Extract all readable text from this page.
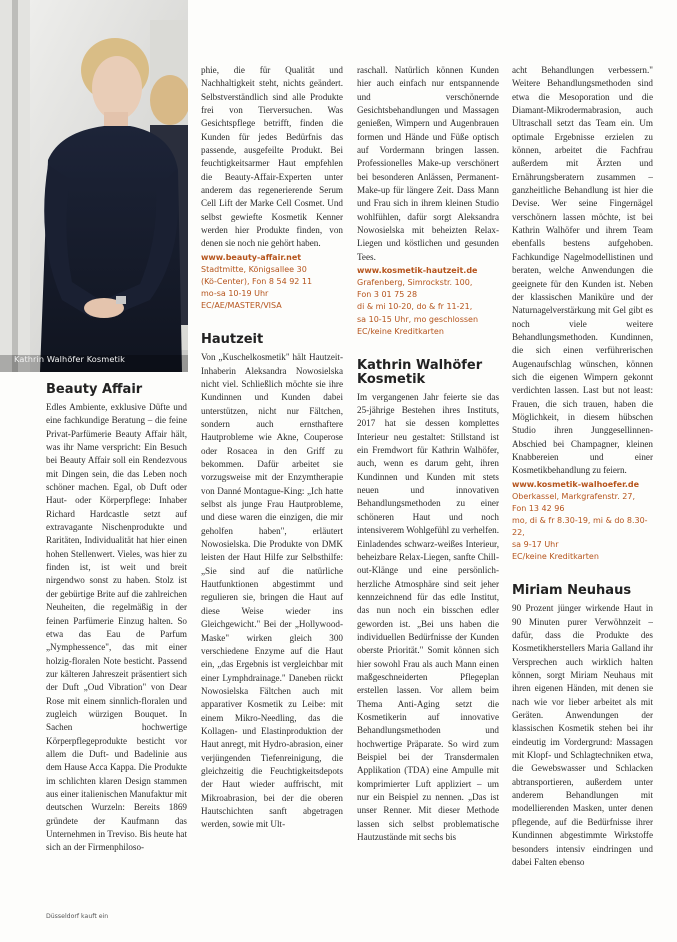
Kathrin Walhöfer Kosmetik
Beauty Affair

Edles Ambiente, exklusive Düfte und eine fachkundige Beratung – die feine Privat-Parfümerie Beauty Affair hält, was ihr Name verspricht: Ein Besuch bei Beauty Affair soll ein Rendezvous mit Dingen sein, die das Leben noch schöner machen. Egal, ob Duft oder Haut- oder Körperpflege: Inhaber Richard Hardcastle setzt auf extravagante Nischenprodukte und Raritäten, Individualität hat hier einen hohen Stellenwert. Vieles, was hier zu finden ist, ist weit und breit nirgendwo sonst zu haben. Stolz ist der gebürtige Brite auf die zahlreichen Neuheiten, die regelmäßig in der feinen Parfümerie Einzug halten. So etwa das Eau de Parfum „Nymphessence", das mit einer holzig-floralen Note besticht. Passend zur kälteren Jahreszeit präsentiert sich der Duft „Oud Vibration" von Dear Rose mit einem sinnlich-floralen und zugleich würzigen Bouquet. In Sachen hochwertige Körperpflegeprodukte besticht vor allem die Duft- und Badelinie aus dem Hause Acca Kappa. Die Produkte im schlichten klaren Design stammen aus einer italienischen Manufaktur mit deutschen Wurzeln: Bereits 1869 gründete der Kaufmann das Unternehmen in Treviso. Bis heute hat sich an der Firmenphiloso-

phie, die für Qualität und Nachhaltigkeit steht, nichts geändert. Selbstverständlich sind alle Produkte frei von Tierversuchen. Was Gesichtspflege betrifft, finden die Kunden für jedes Bedürfnis das passende, ausgefeilte Produkt. Bei feuchtigkeitsarmer Haut empfehlen die Beauty-Affair-Experten unter anderem das regenerierende Serum Cell Lift der Marke Cell Cosmet. Und selbst gewiefte Kosmetik Kenner werden hier Produkte finden, von denen sie noch nie gehört haben.

www.beauty-affair.net
Stadtmitte, Königsallee 30
(Kö-Center), Fon 8 54 92 11
mo-sa 10-19 Uhr
EC/AE/MASTER/VISA
Hautzeit

Von „Kuschelkosmetik" hält Hautzeit-Inhaberin Aleksandra Nowosielska nicht viel. Schließlich möchte sie ihre Kundinnen und Kunden dabei unterstützen, nicht nur Fältchen, sondern auch ernsthaftere Hautprobleme wie Akne, Couperose oder Rosacea in den Griff zu bekommen. Dafür arbeitet sie vorzugsweise mit der Enzymtherapie von Danné Montague-King: „Ich hatte selbst als junge Frau Hautprobleme, und diese waren die einzigen, die mir geholfen haben", erläutert Nowosielska. Die Produkte von DMK leisten der Haut Hilfe zur Selbsthilfe: „Sie sind auf die natürliche Hautfunktionen abgestimmt und regulieren sie, bringen die Haut auf diese Weise wieder ins Gleichgewicht." Bei der „Hollywood-Maske" wirken gleich 300 verschiedene Enzyme auf die Haut ein, „das Ergebnis ist vergleichbar mit einer Lymphdrainage." Daneben rückt Nowosielska Fältchen auch mit apparativer Kosmetik zu Leibe: mit einem Mikro-Needling, das die Kollagen- und Elastinproduktion der Haut anregt, mit Hydro-abrasion, einer verjüngenden Tiefenreinigung, die gleichzeitig die Feuchtigkeitsdepots der Haut wieder auffrischt, mit Mikroabrasion, bei der die oberen Hautschichten sanft abgetragen werden, sowie mit Ult-

raschall. Natürlich können Kunden hier auch einfach nur entspannende und verschönernde Gesichtsbehandlungen und Massagen genießen, Wimpern und Augenbrauen formen und Hände und Füße optisch auf Vordermann bringen lassen. Professionelles Make-up verschönert bei besonderen Anlässen, Permanent-Make-up für längere Zeit. Dass Mann und Frau sich in ihrem kleinen Studio wohlfühlen, dafür sorgt Aleksandra Nowosielska mit beheizten Relax-Liegen und köstlichen und gesunden Tees.

www.kosmetik-hautzeit.de
Grafenberg, Simrockstr. 100,
Fon 3 01 75 28
di & mi 10-20, do & fr 11-21,
sa 10-15 Uhr, mo geschlossen
EC/keine Kreditkarten
Kathrin Walhöfer Kosmetik

Im vergangenen Jahr feierte sie das 25-jährige Bestehen ihres Instituts, 2017 hat sie dessen komplettes Interieur neu gestaltet: Stillstand ist ein Fremdwort für Kathrin Walhöfer, auch, wenn es darum geht, ihren Kundinnen und Kunden mit stets neuen und innovativen Behandlungsmethoden zu einer schöneren Haut und noch intensiverem Wohlgefühl zu verhelfen. Einladendes schwarz-weißes Interieur, beheizbare Relax-Liegen, sanfte Chill-out-Klänge und eine persönlich-herzliche Atmosphäre sind seit jeher kennzeichnend für das edle Institut, das nun noch ein bisschen edler geworden ist. „Bei uns haben die individuellen Bedürfnisse der Kunden oberste Priorität." Somit können sich hier sowohl Frau als auch Mann einen maßgeschneiderten Pflegeplan erstellen lassen. Vor allem beim Thema Anti-Aging setzt die Kosmetikerin auf innovative Behandlungsmethoden und hochwertige Präparate. So wird zum Beispiel bei der Transdermalen Applikation (TDA) eine Ampulle mit komprimierter Luft appliziert – um nur ein Beispiel zu nennen. „Das ist unser Renner. Mit dieser Methode lassen sich selbst problematische Hautzustände mit sechs bis

acht Behandlungen verbessern." Weitere Behandlungsmethoden sind etwa die Mesoporation und die Diamant-Mikrodermabrasion, auch Ultraschall setzt das Team ein. Um optimale Ergebnisse erzielen zu können, arbeitet die Fachfrau außerdem mit Ärzten und Ernährungsberatern zusammen – ganzheitliche Behandlung ist hier die Devise. Wer seine Fingernägel verschönern lassen möchte, ist bei Kathrin Walhöfer und ihrem Team ebenfalls bestens aufgehoben. Fachkundige Nagelmodellistinen und beraten, welche Anwendungen die geeignete für den Kunden ist. Neben der klassischen Maniküre und der Naturnagelverstärkung mit Gel gibt es noch viele weitere Behandlungsmethoden. Kundinnen, die sich einen verführerischen Augenaufschlag wünschen, können sich die eigenen Wimpern gekonnt verdichten lassen. Last but not least: Frauen, die sich trauen, haben die Möglichkeit, in diesem hübschen Studio ihren Junggesellinnen-Abschied bei Champagner, kleinen Knabbereien und einer Kosmetikbehandlung zu feiern.

www.kosmetik-walhoefer.de
Oberkassel, Markgrafenstr. 27,
Fon 13 42 96
mo, di & fr 8.30-19, mi & do 8.30-22,
sa 9-17 Uhr
EC/keine Kreditkarten
Miriam Neuhaus

90 Prozent jünger wirkende Haut in 90 Minuten purer Verwöhnzeit – dafür, dass die Produkte des Kosmetikherstellers Maria Galland ihr Versprechen auch wirklich halten können, sorgt Miriam Neuhaus mit ihren eigenen Händen, mit denen sie nach wie vor lieber arbeitet als mit Geräten. Anwendungen der klassischen Kosmetik stehen bei ihr eindeutig im Vordergrund: Massagen mit Klopf- und Schlagtechniken etwa, die Gewebswasser und Schlacken abtransportieren, außerdem unter anderem Behandlungen mit modellierenden Masken, unter denen pflegende, auf die Bedürfnisse ihrer Kundinnen abgestimmte Wirkstoffe besonders intensiv eindringen und dabei Falten ebenso

Düsseldorf kauft ein
